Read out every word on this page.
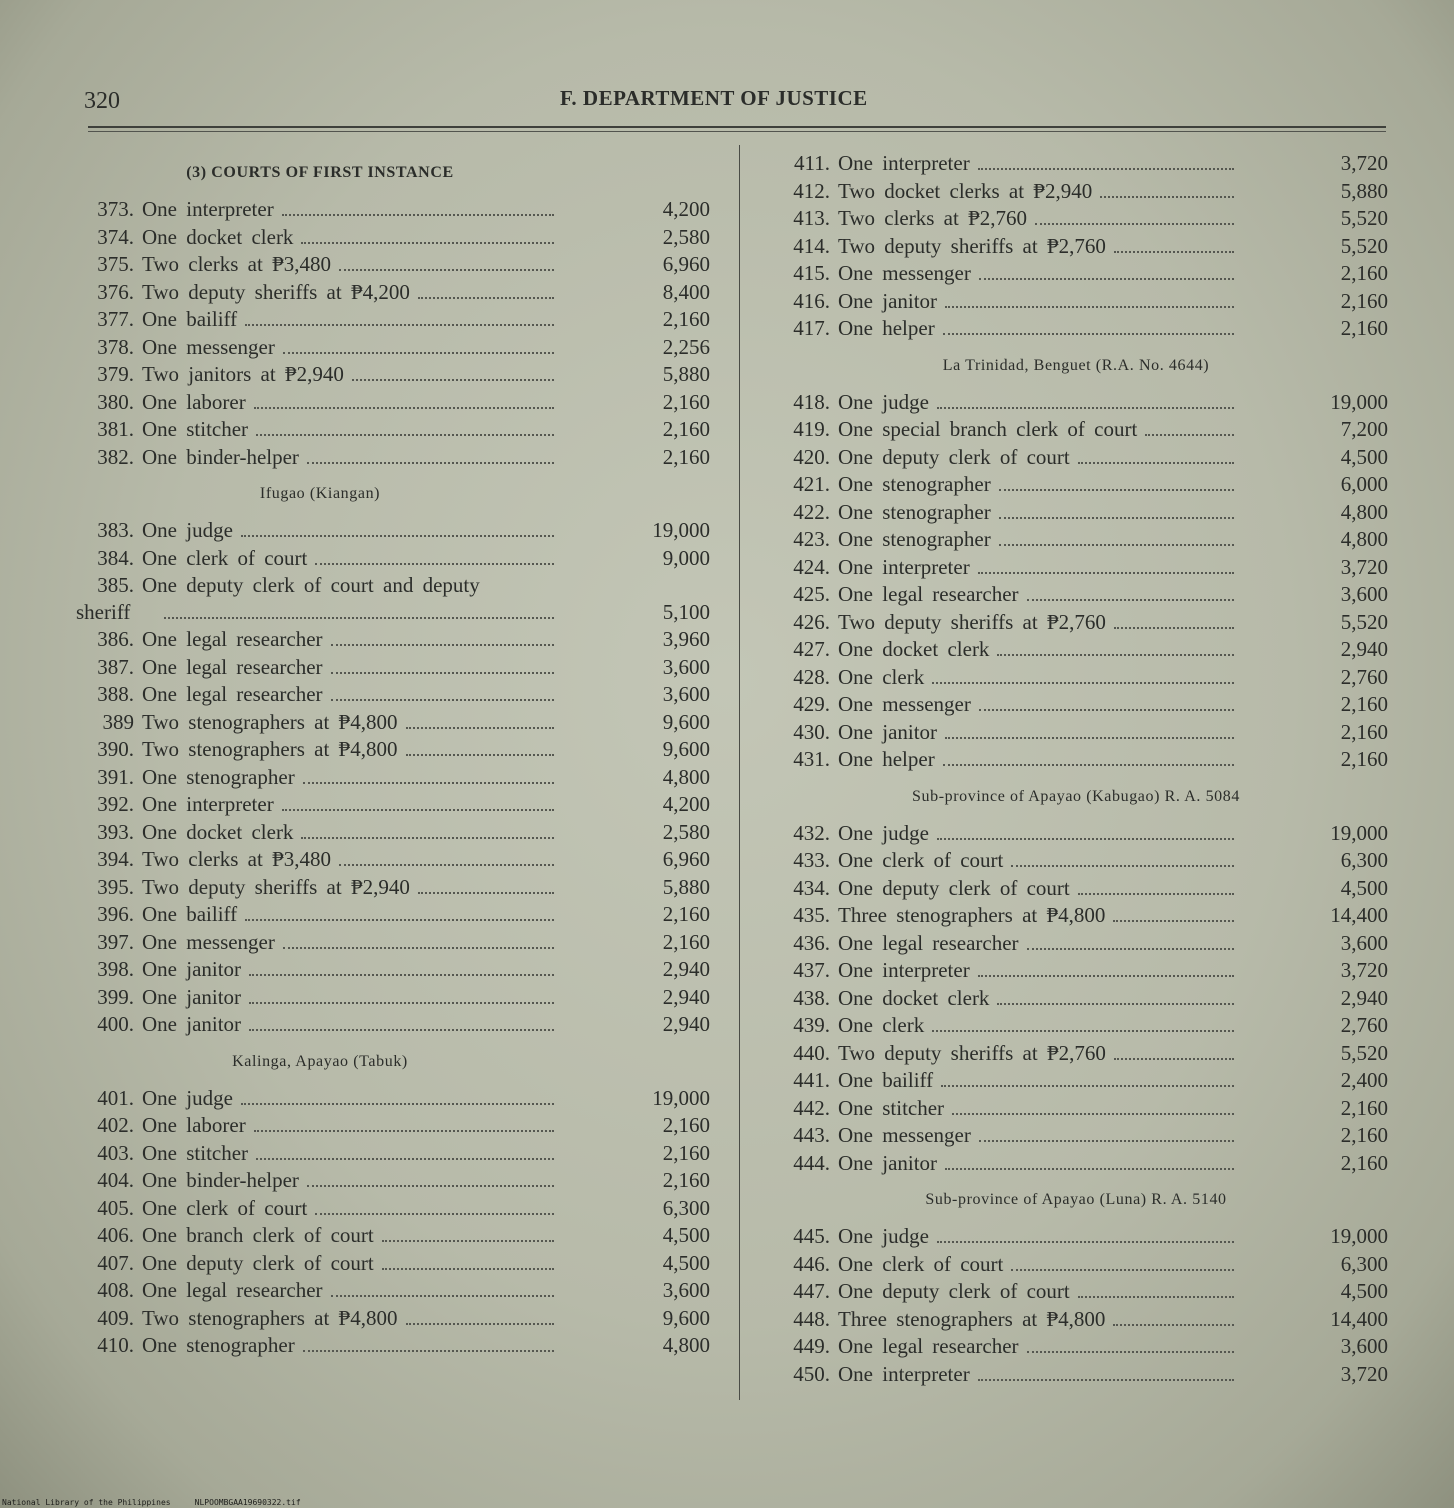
320	F. DEPARTMENT OF JUSTICE
(3) COURTS OF FIRST INSTANCE
373. One interpreter	4,200
374. One docket clerk	2,580
375. Two clerks at ₱3,480	6,960
376. Two deputy sheriffs at ₱4,200	8,400
377. One bailiff	2,160
378. One messenger	2,256
379. Two janitors at ₱2,940	5,880
380. One laborer	2,160
381. One stitcher	2,160
382. One binder-helper	2,160
Ifugao (Kiangan)
383. One judge	19,000
384. One clerk of court	9,000
385. One deputy clerk of court and deputy
sheriff	5,100
386. One legal researcher	3,960
387. One legal researcher	3,600
388. One legal researcher	3,600
389 Two stenographers at ₱4,800	9,600
390. Two stenographers at ₱4,800	9,600
391. One stenographer	4,800
392. One interpreter	4,200
393. One docket clerk	2,580
394. Two clerks at ₱3,480	6,960
395. Two deputy sheriffs at ₱2,940	5,880
396. One bailiff	2,160
397. One messenger	2,160
398. One janitor	2,940
399. One janitor	2,940
400. One janitor	2,940
Kalinga, Apayao (Tabuk)
401. One judge	19,000
402. One laborer	2,160
403. One stitcher	2,160
404. One binder-helper	2,160
405. One clerk of court	6,300
406. One branch clerk of court	4,500
407. One deputy clerk of court	4,500
408. One legal researcher	3,600
409. Two stenographers at ₱4,800	9,600
410. One stenographer	4,800
411. One interpreter	3,720
412. Two docket clerks at ₱2,940	5,880
413. Two clerks at ₱2,760	5,520
414. Two deputy sheriffs at ₱2,760	5,520
415. One messenger	2,160
416. One janitor	2,160
417. One helper	2,160
La Trinidad, Benguet (R.A. No. 4644)
418. One judge	19,000
419. One special branch clerk of court	7,200
420. One deputy clerk of court	4,500
421. One stenographer	6,000
422. One stenographer	4,800
423. One stenographer	4,800
424. One interpreter	3,720
425. One legal researcher	3,600
426. Two deputy sheriffs at ₱2,760	5,520
427. One docket clerk	2,940
428. One clerk	2,760
429. One messenger	2,160
430. One janitor	2,160
431. One helper	2,160
Sub-province of Apayao (Kabugao) R. A. 5084
432. One judge	19,000
433. One clerk of court	6,300
434. One deputy clerk of court	4,500
435. Three stenographers at ₱4,800	14,400
436. One legal researcher	3,600
437. One interpreter	3,720
438. One docket clerk	2,940
439. One clerk	2,760
440. Two deputy sheriffs at ₱2,760	5,520
441. One bailiff	2,400
442. One stitcher	2,160
443. One messenger	2,160
444. One janitor	2,160
Sub-province of Apayao (Luna) R. A. 5140
445. One judge	19,000
446. One clerk of court	6,300
447. One deputy clerk of court	4,500
448. Three stenographers at ₱4,800	14,400
449. One legal researcher	3,600
450. One interpreter	3,720
National Library of the Philippines	NLPOOMBGAA19690322.tif
